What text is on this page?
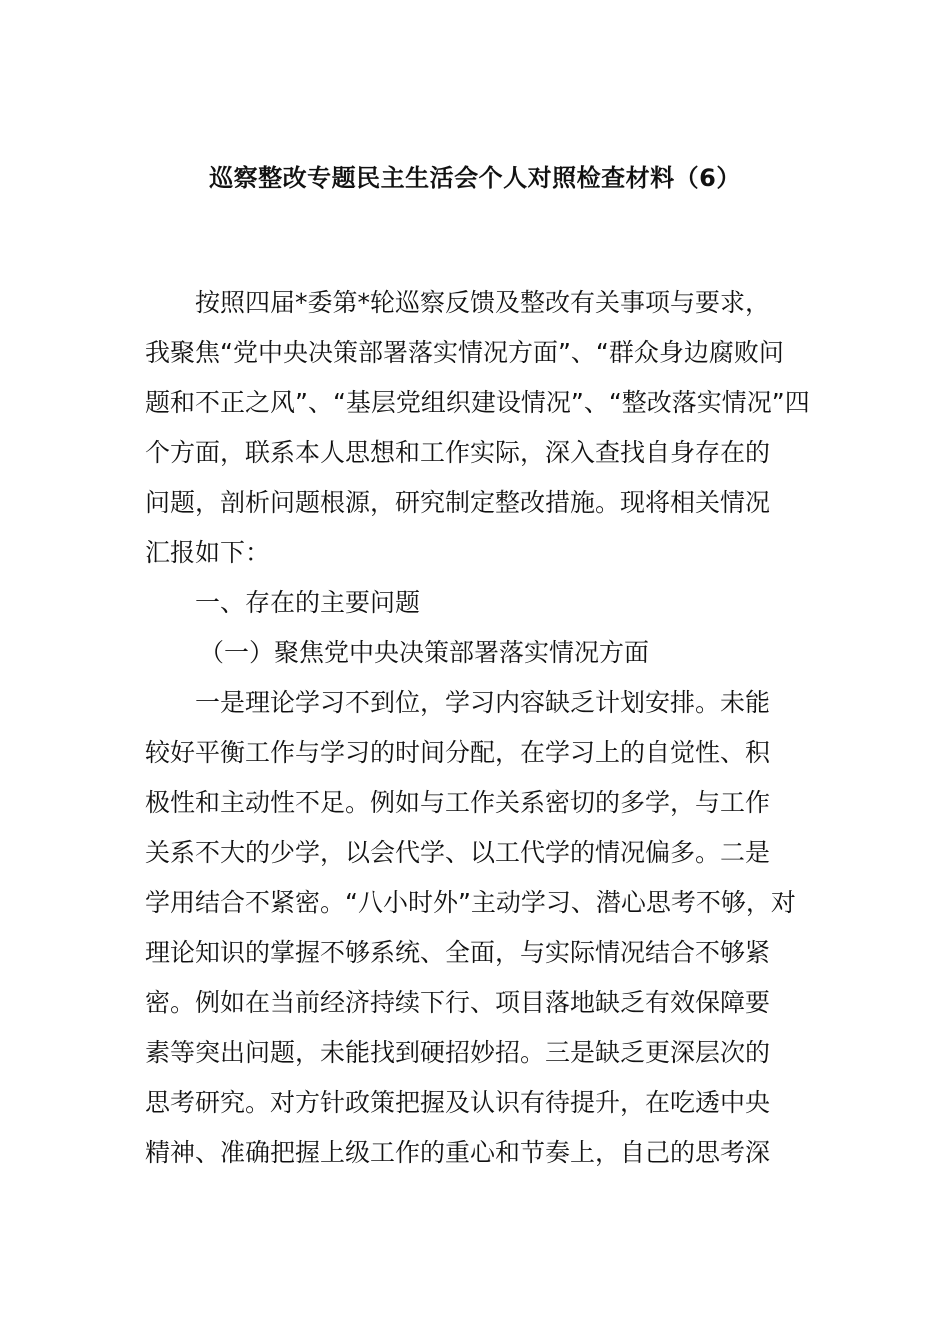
巡察整改专题民主生活会个人对照检查材料（6）
按照四届*委第*轮巡察反馈及整改有关事项与要求，
我聚焦“党中央决策部署落实情况方面”、“群众身边腐败问
题和不正之风”、“基层党组织建设情况”、“整改落实情况”四
个方面，联系本人思想和工作实际，深入查找自身存在的
问题，剖析问题根源，研究制定整改措施。现将相关情况
汇报如下：
一、存在的主要问题
（一）聚焦党中央决策部署落实情况方面
一是理论学习不到位，学习内容缺乏计划安排。未能
较好平衡工作与学习的时间分配，在学习上的自觉性、积
极性和主动性不足。例如与工作关系密切的多学，与工作
关系不大的少学，以会代学、以工代学的情况偏多。二是
学用结合不紧密。“八小时外”主动学习、潜心思考不够，对
理论知识的掌握不够系统、全面，与实际情况结合不够紧
密。例如在当前经济持续下行、项目落地缺乏有效保障要
素等突出问题，未能找到硬招妙招。三是缺乏更深层次的
思考研究。对方针政策把握及认识有待提升，在吃透中央
精神、准确把握上级工作的重心和节奏上，自己的思考深
